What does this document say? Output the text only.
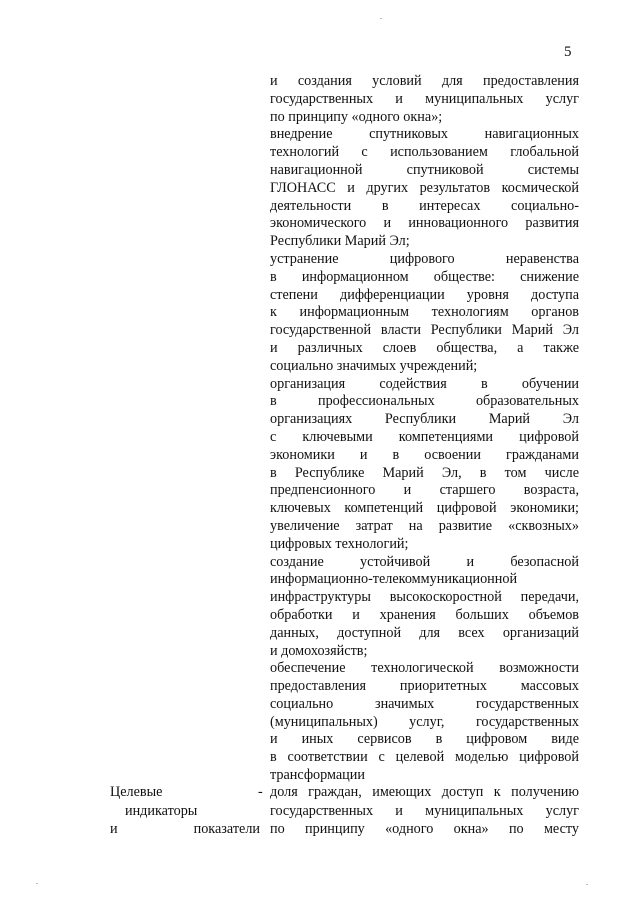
5
и создания условий для предоставления
государственных и муниципальных услуг
по принципу «одного окна»;
внедрение спутниковых навигационных
технологий с использованием глобальной
навигационной спутниковой системы
ГЛОНАСС и других результатов космической
деятельности в интересах социально-
экономического и инновационного развития
Республики Марий Эл;
устранение цифрового неравенства
в информационном обществе: снижение
степени дифференциации уровня доступа
к информационным технологиям органов
государственной власти Республики Марий Эл
и различных слоев общества, а также
социально значимых учреждений;
организация содействия в обучении
в профессиональных образовательных
организациях Республики Марий Эл
с ключевыми компетенциями цифровой
экономики и в освоении гражданами
в Республике Марий Эл, в том числе
предпенсионного и старшего возраста,
ключевых компетенций цифровой экономики;
увеличение затрат на развитие «сквозных»
цифровых технологий;
создание устойчивой и безопасной
информационно-телекоммуникационной
инфраструктуры высокоскоростной передачи,
обработки и хранения больших объемов
данных, доступной для всех организаций
и домохозяйств;
обеспечение технологической возможности
предоставления приоритетных массовых
социально значимых государственных
(муниципальных) услуг, государственных
и иных сервисов в цифровом виде
в соответствии с целевой моделью цифровой
трансформации
Целевые
индикаторы
и	показатели
- доля граждан, имеющих доступ к получению
государственных и муниципальных услуг
по принципу «одного окна» по месту
